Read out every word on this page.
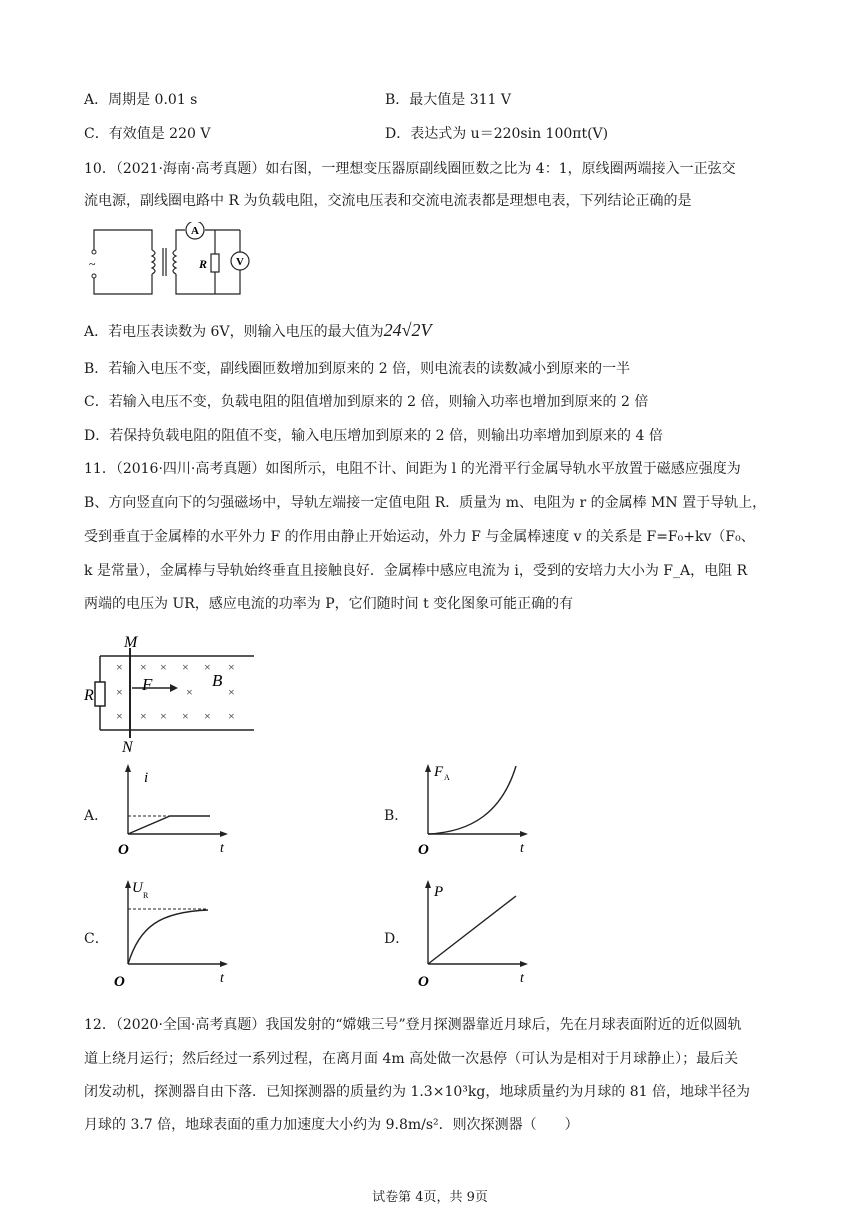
A．周期是 0.01 s	B．最大值是 311 V
C．有效值是 220 V	D．表达式为 u＝220sin 100πt(V)
10．（2021·海南·高考真题）如右图，一理想变压器原副线圈匝数之比为 4：1，原线圈两端接入一正弦交
流电源，副线圈电路中 R 为负载电阻，交流电压表和交流电流表都是理想电表，下列结论正确的是
~
A
R	V
A．若电压表读数为 6V，则输入电压的最大值为24√2V
B．若输入电压不变，副线圈匝数增加到原来的 2 倍，则电流表的读数减小到原来的一半
C．若输入电压不变，负载电阻的阻值增加到原来的 2 倍，则输入功率也增加到原来的 2 倍
D．若保持负载电阻的阻值不变，输入电压增加到原来的 2 倍，则输出功率增加到原来的 4 倍
11．（2016·四川·高考真题）如图所示，电阻不计、间距为 l 的光滑平行金属导轨水平放置于磁感应强度为
B、方向竖直向下的匀强磁场中，导轨左端接一定值电阻 R．质量为 m、电阻为 r 的金属棒 MN 置于导轨上，
受到垂直于金属棒的水平外力 F 的作用由静止开始运动，外力 F 与金属棒速度 v 的关系是 F=F₀+kv（F₀、
k 是常量），金属棒与导轨始终垂直且接触良好．金属棒中感应电流为 i，受到的安培力大小为 F_A，电阻 R
两端的电压为 UR，感应电流的功率为 P，它们随时间 t 变化图象可能正确的有
× × × × × ×
×	×	×
× × × × × ×
M
N
R
F	B
A．
i
t
O
B．
F A
t
O
C．
U R
t
O
D．
P
t
O
12．（2020·全国·高考真题）我国发射的“嫦娥三号”登月探测器靠近月球后，先在月球表面附近的近似圆轨
道上绕月运行；然后经过一系列过程，在离月面 4m 高处做一次悬停（可认为是相对于月球静止）；最后关
闭发动机，探测器自由下落．已知探测器的质量约为 1.3×10³kg，地球质量约为月球的 81 倍，地球半径为
月球的 3.7 倍，地球表面的重力加速度大小约为 9.8m/s²．则次探测器（　　）
试卷第 4页，共 9页
